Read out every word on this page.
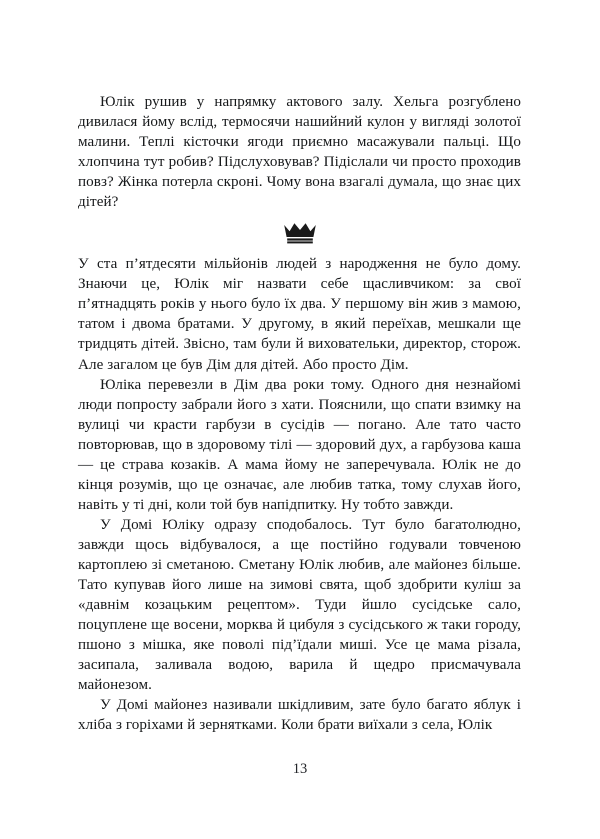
Юлік рушив у напрямку актового залу. Хельга розгублено дивилася йому вслід, термосячи нашийний кулон у вигляді золотої малини. Теплі кісточки ягоди приємно масажували пальці. Що хлопчина тут робив? Підслуховував? Підіслали чи просто проходив повз? Жінка потерла скроні. Чому вона взагалі думала, що знає цих дітей?

У ста п’ятдесяти мільйонів людей з народження не було дому. Знаючи це, Юлік міг назвати себе щасливчиком: за свої п’ятнадцять років у нього було їх два. У першому він жив з мамою, татом і двома братами. У другому, в який переїхав, мешкали ще тридцять дітей. Звісно, там були й виховательки, директор, сторож. Але загалом це був Дім для дітей. Або просто Дім.

Юліка перевезли в Дім два роки тому. Одного дня незнайомі люди попросту забрали його з хати. Пояснили, що спати взимку на вулиці чи красти гарбузи в сусідів — погано. Але тато часто повторював, що в здоровому тілі — здоровий дух, а гарбузова каша — це страва козаків. А мама йому не заперечувала. Юлік не до кінця розумів, що це означає, але любив татка, тому слухав його, навіть у ті дні, коли той був напідпитку. Ну тобто завжди.

У Домі Юліку одразу сподобалось. Тут було багатолюдно, завжди щось відбувалося, а ще постійно годували товченою картоплею зі сметаною. Сметану Юлік любив, але майонез більше. Тато купував його лише на зимові свята, щоб здобрити куліш за «давнім козацьким рецептом». Туди йшло сусідське сало, поцуплене ще восени, морква й цибуля з сусідського ж таки городу, пшоно з мішка, яке поволі під’їдали миші. Усе це мама різала, засипала, заливала водою, варила й щедро присмачувала майонезом.

У Домі майонез називали шкідливим, зате було багато яблук і хліба з горіхами й зернятками. Коли брати виїхали з села, Юлік

13
